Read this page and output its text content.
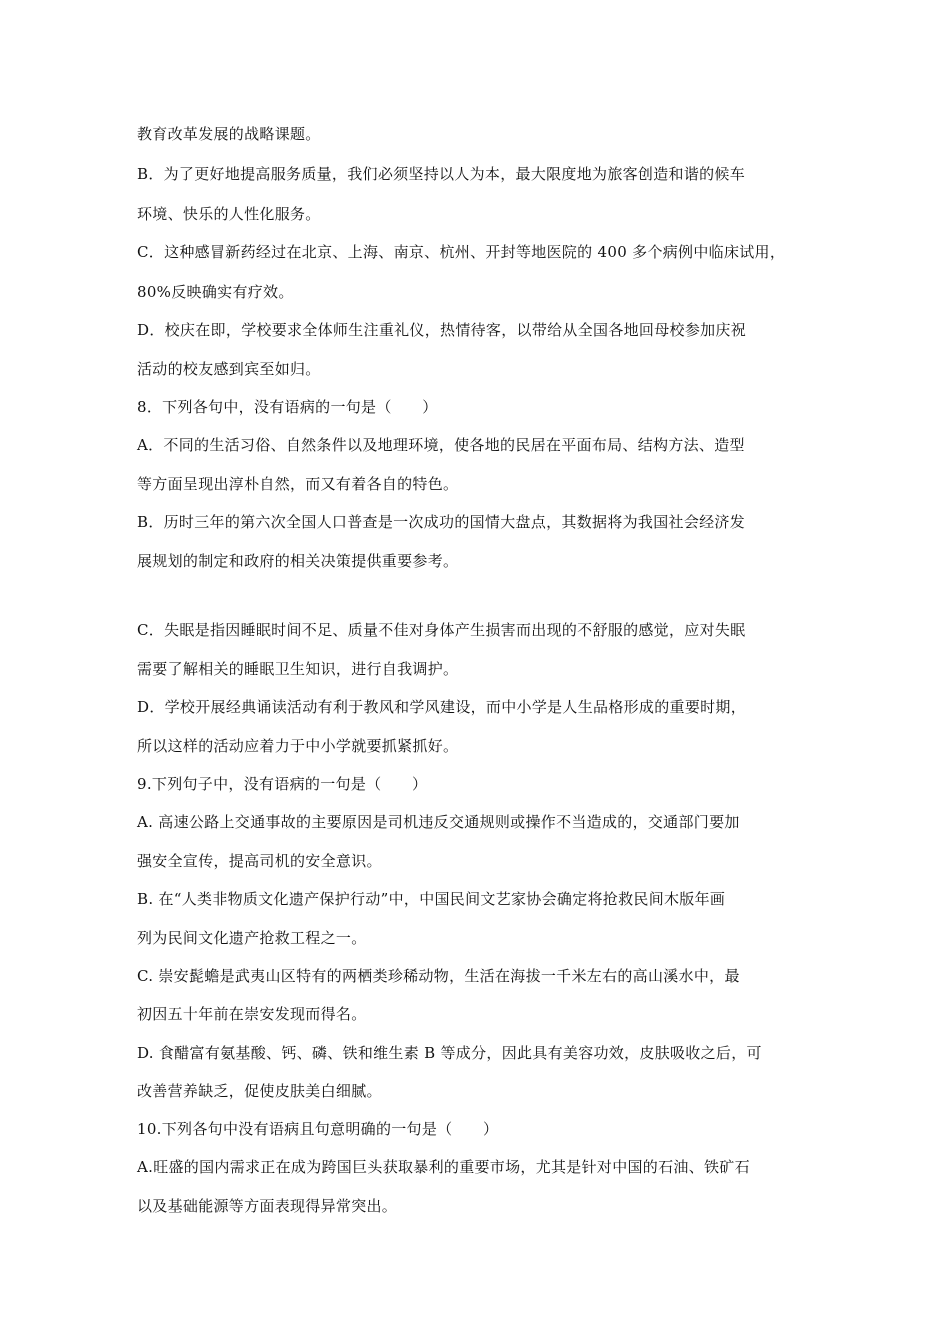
教育改革发展的战略课题。
B．为了更好地提高服务质量，我们必须坚持以人为本，最大限度地为旅客创造和谐的候车
环境、快乐的人性化服务。
C．这种感冒新药经过在北京、上海、南京、杭州、开封等地医院的 400 多个病例中临床试用，
80%反映确实有疗效。
D．校庆在即，学校要求全体师生注重礼仪，热情待客，以带给从全国各地回母校参加庆祝
活动的校友感到宾至如归。
8．下列各句中，没有语病的一句是（　　）
A．不同的生活习俗、自然条件以及地理环境，使各地的民居在平面布局、结构方法、造型
等方面呈现出淳朴自然，而又有着各自的特色。
B．历时三年的第六次全国人口普查是一次成功的国情大盘点，其数据将为我国社会经济发
展规划的制定和政府的相关决策提供重要参考。
C．失眠是指因睡眠时间不足、质量不佳对身体产生损害而出现的不舒服的感觉，应对失眠
需要了解相关的睡眠卫生知识，进行自我调护。
D．学校开展经典诵读活动有利于教风和学风建设，而中小学是人生品格形成的重要时期，
所以这样的活动应着力于中小学就要抓紧抓好。
9.下列句子中，没有语病的一句是（　　）
A. 高速公路上交通事故的主要原因是司机违反交通规则或操作不当造成的，交通部门要加
强安全宣传，提高司机的安全意识。
B. 在“人类非物质文化遗产保护行动”中，中国民间文艺家协会确定将抢救民间木版年画
列为民间文化遗产抢救工程之一。
C. 崇安髭蟾是武夷山区特有的两栖类珍稀动物，生活在海拔一千米左右的高山溪水中，最
初因五十年前在崇安发现而得名。
D. 食醋富有氨基酸、钙、磷、铁和维生素 B 等成分，因此具有美容功效，皮肤吸收之后，可
改善营养缺乏，促使皮肤美白细腻。
10.下列各句中没有语病且句意明确的一句是（　　）
A.旺盛的国内需求正在成为跨国巨头获取暴利的重要市场，尤其是针对中国的石油、铁矿石
以及基础能源等方面表现得异常突出。
